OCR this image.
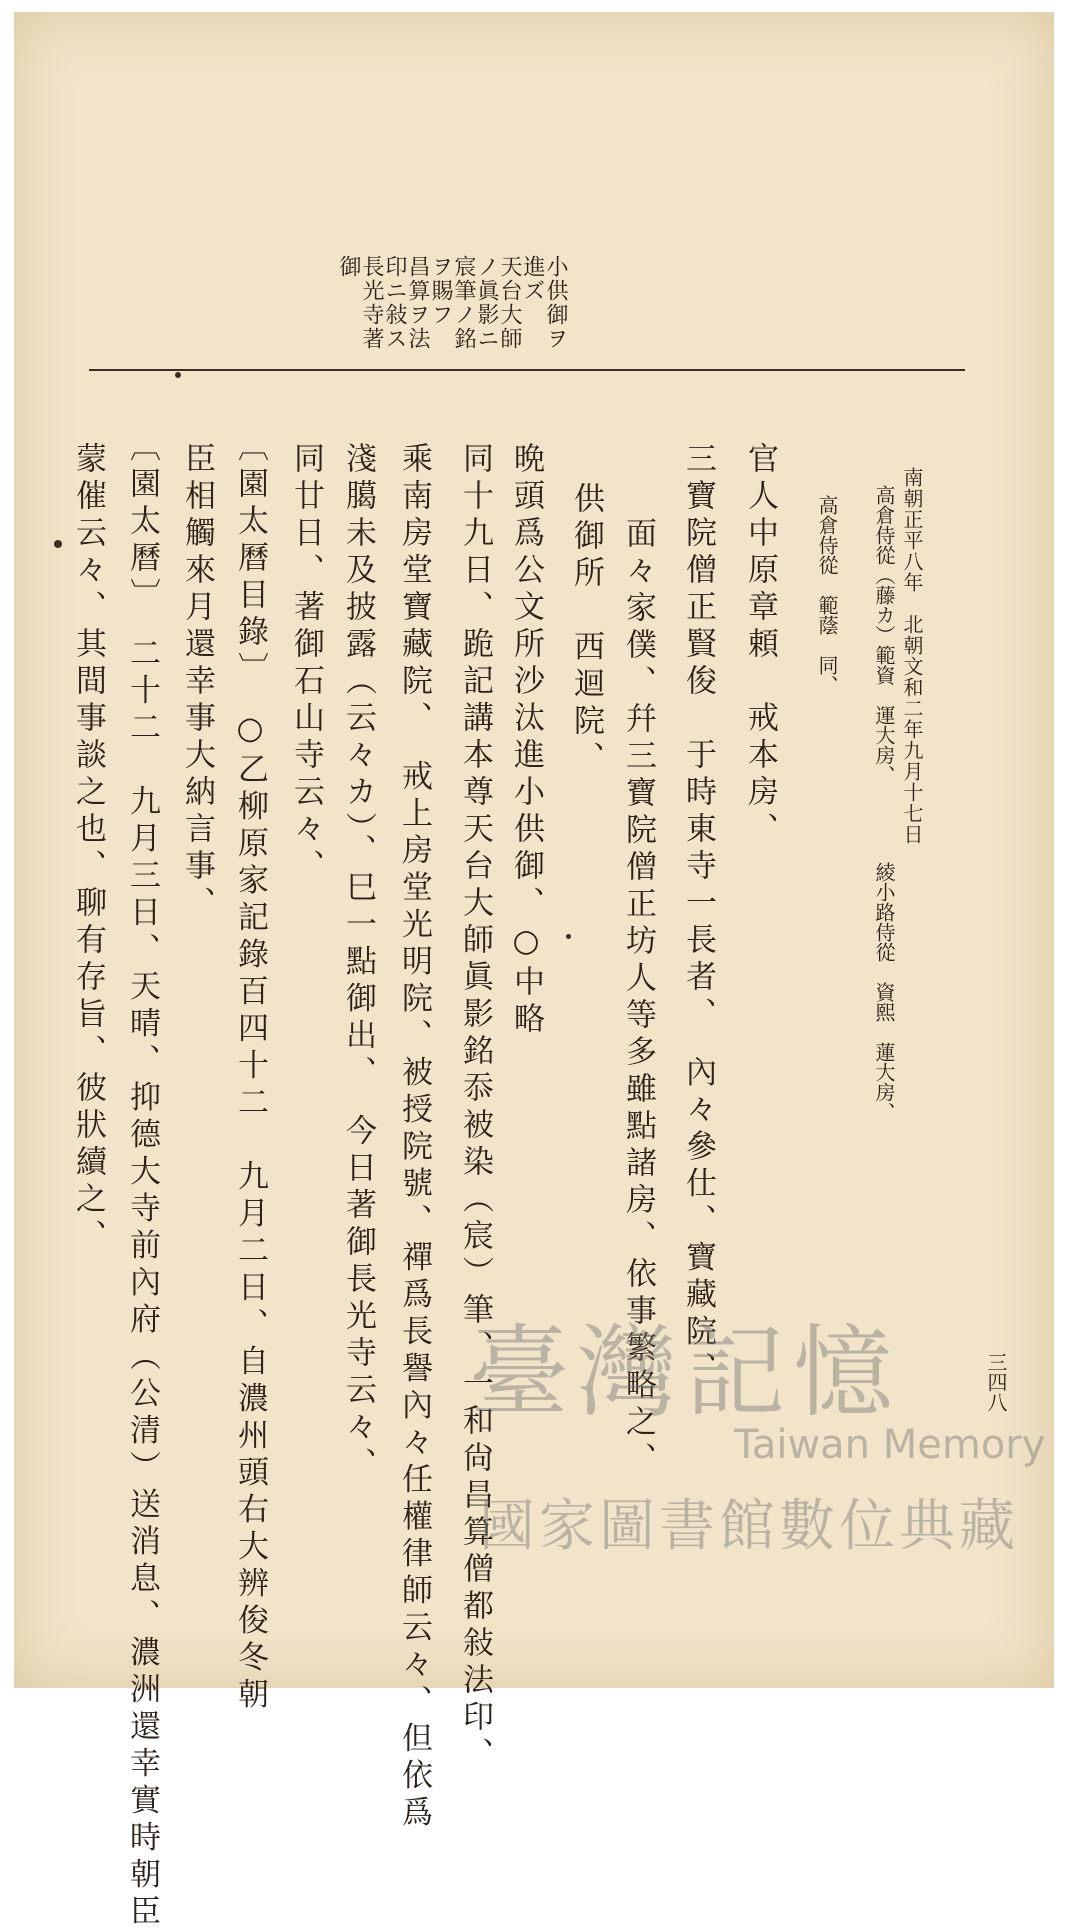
小供御ヲ
進ズ
天台大師
ノ眞影ニ
宸筆ノ銘
ヲ賜フ
昌算ヲ法
印ニ敍ス
長光寺著
御
南朝正平八年　北朝文和二年九月十七日
高倉侍從（藤カ）範資　運大房、
高倉侍從　範蔭　同、
綾小路侍從　資熙　蓮大房、
官人中原章頼　戒本房、
三寶院僧正賢俊　于時東寺一長者、　內々參仕、寶藏院、
面々家僕、幷三寶院僧正坊人等多雖點諸房、依事繁略之、
供御所　西迴院、
晩頭爲公文所沙汰進小供御、○中略
同十九日、跪記講本尊天台大師眞影銘忝被染（宸）筆、一和尙昌算僧都敍法印、
乘南房堂寶藏院、　戒上房堂光明院、被授院號、禪爲長譽內々任權律師云々、但依爲
淺臈未及披露（云々カ）、巳一點御出、　今日著御長光寺云々、
同廿日、著御石山寺云々、
〔園太曆目錄〕　○乙柳原家記錄百四十二　九月二日、自濃州頭右大辨俊冬朝
臣相觸來月還幸事大納言事、
〔園太曆〕　二十二　九月三日、天晴、抑德大寺前內府（公清）送消息、濃洲還幸實時朝臣
蒙催云々、其間事談之也、聊有存旨、彼狀續之、
三四八
臺灣記憶
Taiwan Memory
國家圖書館數位典藏
